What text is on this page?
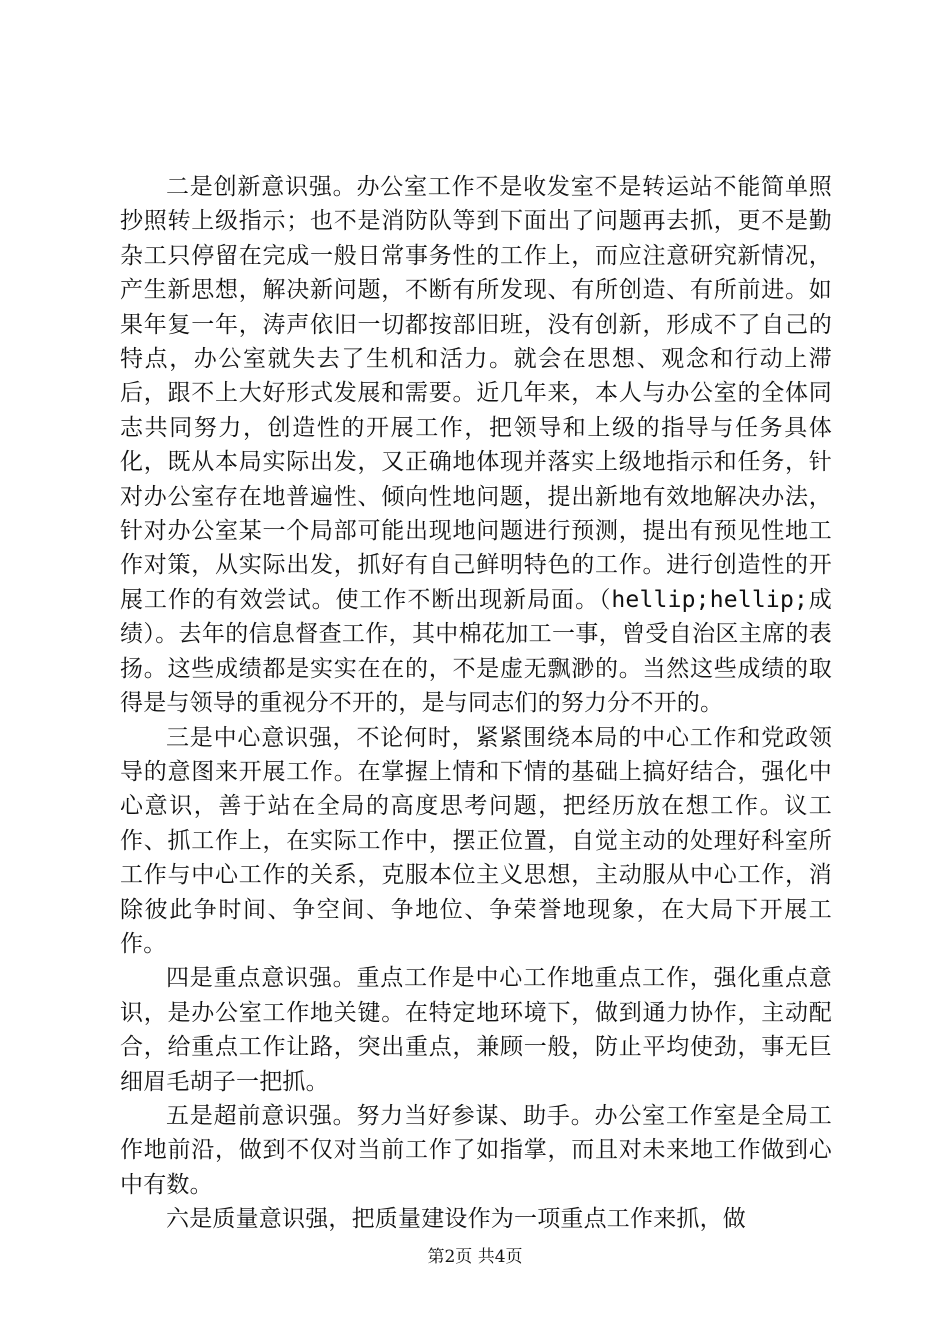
二是创新意识强。办公室工作不是收发室不是转运站不能简单照抄照转上级指示；也不是消防队等到下面出了问题再去抓，更不是勤杂工只停留在完成一般日常事务性的工作上，而应注意研究新情况，产生新思想，解决新问题，不断有所发现、有所创造、有所前进。如果年复一年，涛声依旧一切都按部旧班，没有创新，形成不了自己的特点，办公室就失去了生机和活力。就会在思想、观念和行动上滞后，跟不上大好形式发展和需要。近几年来，本人与办公室的全体同志共同努力，创造性的开展工作，把领导和上级的指导与任务具体化，既从本局实际出发，又正确地体现并落实上级地指示和任务，针对办公室存在地普遍性、倾向性地问题，提出新地有效地解决办法，针对办公室某一个局部可能出现地问题进行预测，提出有预见性地工作对策，从实际出发，抓好有自己鲜明特色的工作。进行创造性的开展工作的有效尝试。使工作不断出现新局面。（hellip;hellip;成绩）。去年的信息督查工作，其中棉花加工一事，曾受自治区主席的表扬。这些成绩都是实实在在的，不是虚无飘渺的。当然这些成绩的取得是与领导的重视分不开的，是与同志们的努力分不开的。

三是中心意识强，不论何时，紧紧围绕本局的中心工作和党政领导的意图来开展工作。在掌握上情和下情的基础上搞好结合，强化中心意识，善于站在全局的高度思考问题，把经历放在想工作。议工作、抓工作上，在实际工作中，摆正位置，自觉主动的处理好科室所工作与中心工作的关系，克服本位主义思想，主动服从中心工作，消除彼此争时间、争空间、争地位、争荣誉地现象，在大局下开展工作。

四是重点意识强。重点工作是中心工作地重点工作，强化重点意识，是办公室工作地关键。在特定地环境下，做到通力协作，主动配合，给重点工作让路，突出重点，兼顾一般，防止平均使劲，事无巨细眉毛胡子一把抓。

五是超前意识强。努力当好参谋、助手。办公室工作室是全局工作地前沿，做到不仅对当前工作了如指掌，而且对未来地工作做到心中有数。

六是质量意识强，把质量建设作为一项重点工作来抓，做

第2页 共4页
